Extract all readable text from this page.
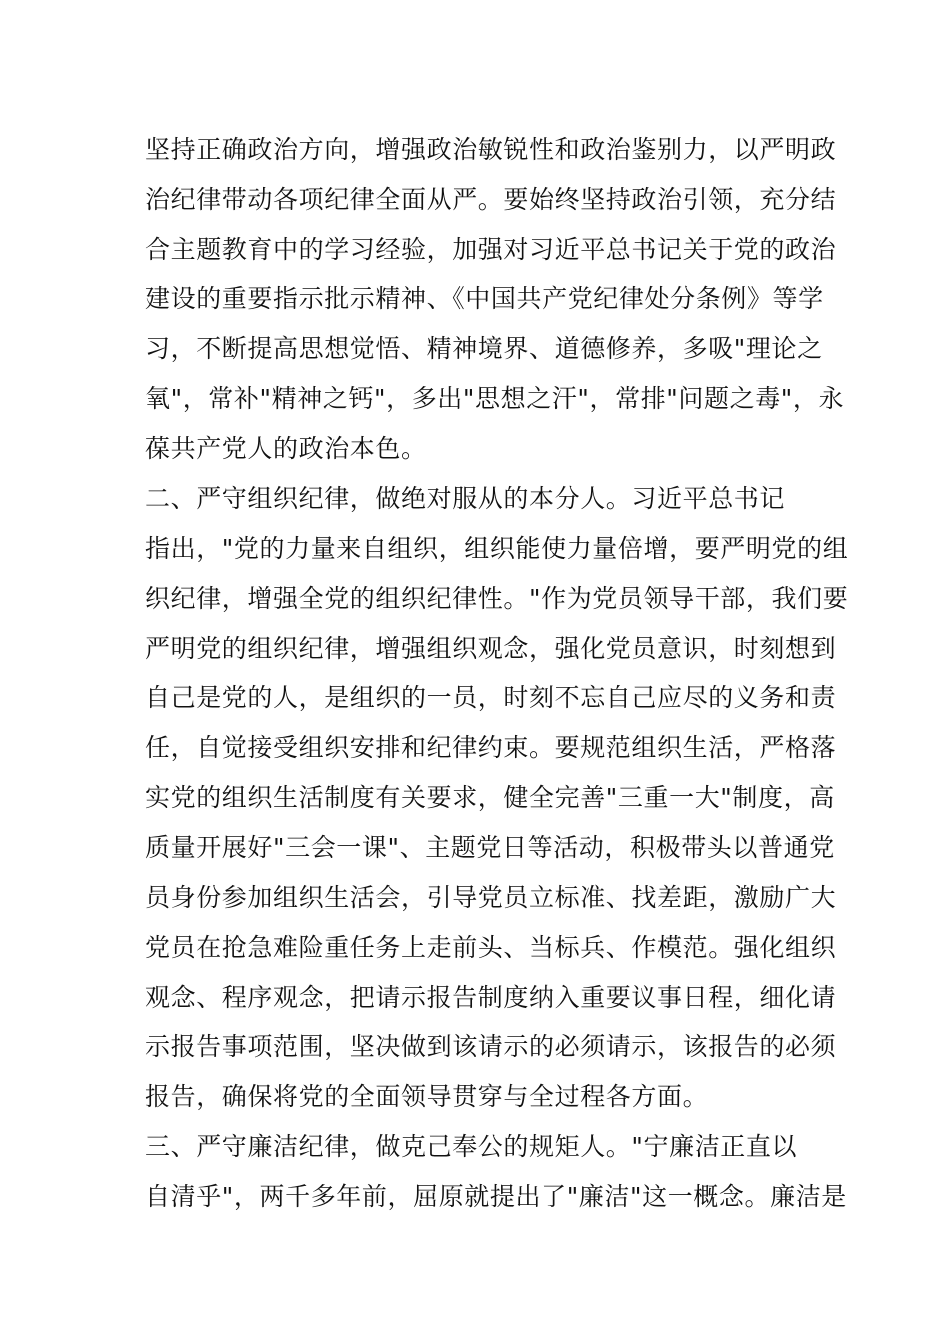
坚持正确政治方向，增强政治敏锐性和政治鉴别力，以严明政
治纪律带动各项纪律全面从严。要始终坚持政治引领，充分结
合主题教育中的学习经验，加强对习近平总书记关于党的政治
建设的重要指示批示精神、《中国共产党纪律处分条例》等学
习，不断提高思想觉悟、精神境界、道德修养，多吸"理论之
氧"，常补"精神之钙"，多出"思想之汗"，常排"问题之毒"，永
葆共产党人的政治本色。
二、严守组织纪律，做绝对服从的本分人。习近平总书记
指出，"党的力量来自组织，组织能使力量倍增，要严明党的组
织纪律，增强全党的组织纪律性。"作为党员领导干部，我们要
严明党的组织纪律，增强组织观念，强化党员意识，时刻想到
自己是党的人，是组织的一员，时刻不忘自己应尽的义务和责
任，自觉接受组织安排和纪律约束。要规范组织生活，严格落
实党的组织生活制度有关要求，健全完善"三重一大"制度，高
质量开展好"三会一课"、主题党日等活动，积极带头以普通党
员身份参加组织生活会，引导党员立标准、找差距，激励广大
党员在抢急难险重任务上走前头、当标兵、作模范。强化组织
观念、程序观念，把请示报告制度纳入重要议事日程，细化请
示报告事项范围，坚决做到该请示的必须请示，该报告的必须
报告，确保将党的全面领导贯穿与全过程各方面。
三、严守廉洁纪律，做克己奉公的规矩人。"宁廉洁正直以
自清乎"，两千多年前，屈原就提出了"廉洁"这一概念。廉洁是
